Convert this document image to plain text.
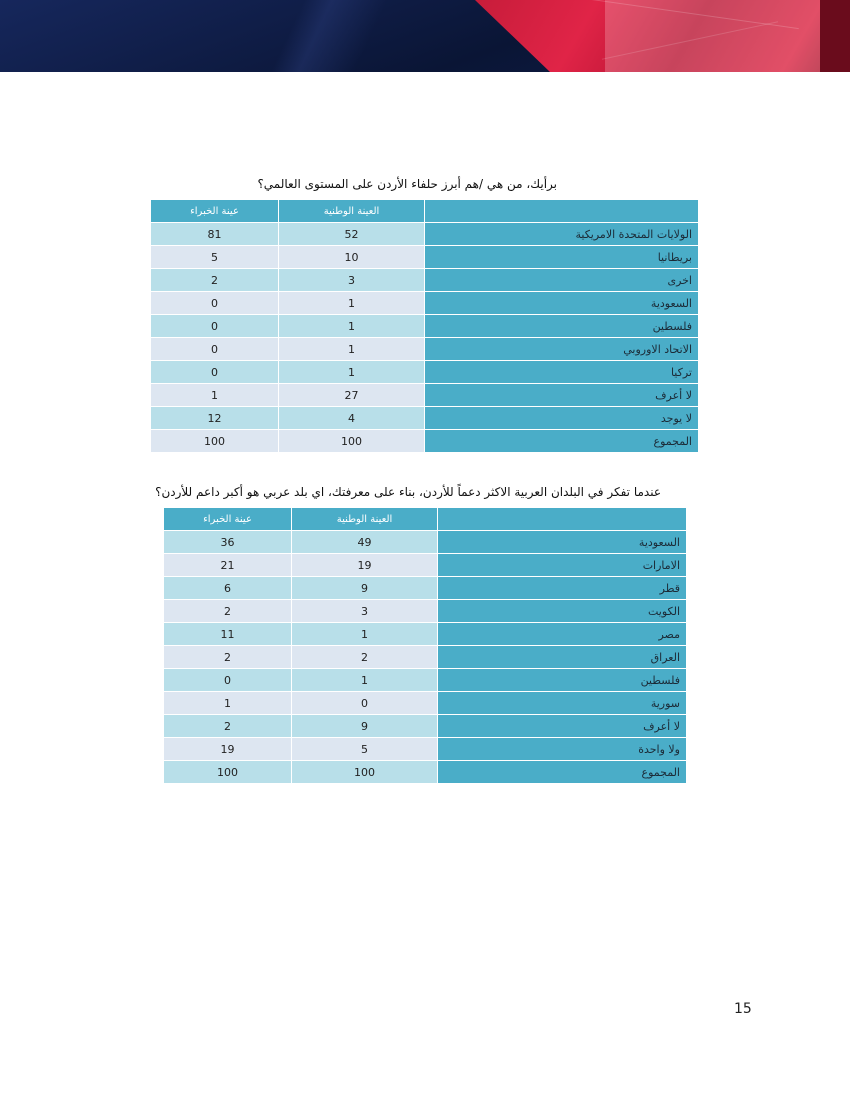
برأيك، من هي /هم أبرز حلفاء الأردن على المستوى العالمي؟
عينة الخبراء	العينة الوطنية	
81	52	الولايات المتحدة الامريكية
5	10	بريطانيا
2	3	اخرى
0	1	السعودية
0	1	فلسطين
0	1	الاتحاد الاوروبي
0	1	تركيا
1	27	لا أعرف
12	4	لا يوجد
100	100	المجموع
عندما تفكر في البلدان العربية الاكثر دعماً للأردن، بناء على معرفتك، اي بلد عربي هو أكبر داعم للأردن؟
عينة الخبراء	العينة الوطنية	
36	49	السعودية
21	19	الامارات
6	9	قطر
2	3	الكويت
11	1	مصر
2	2	العراق
0	1	فلسطين
1	0	سورية
2	9	لا أعرف
19	5	ولا واحدة
100	100	المجموع
15
